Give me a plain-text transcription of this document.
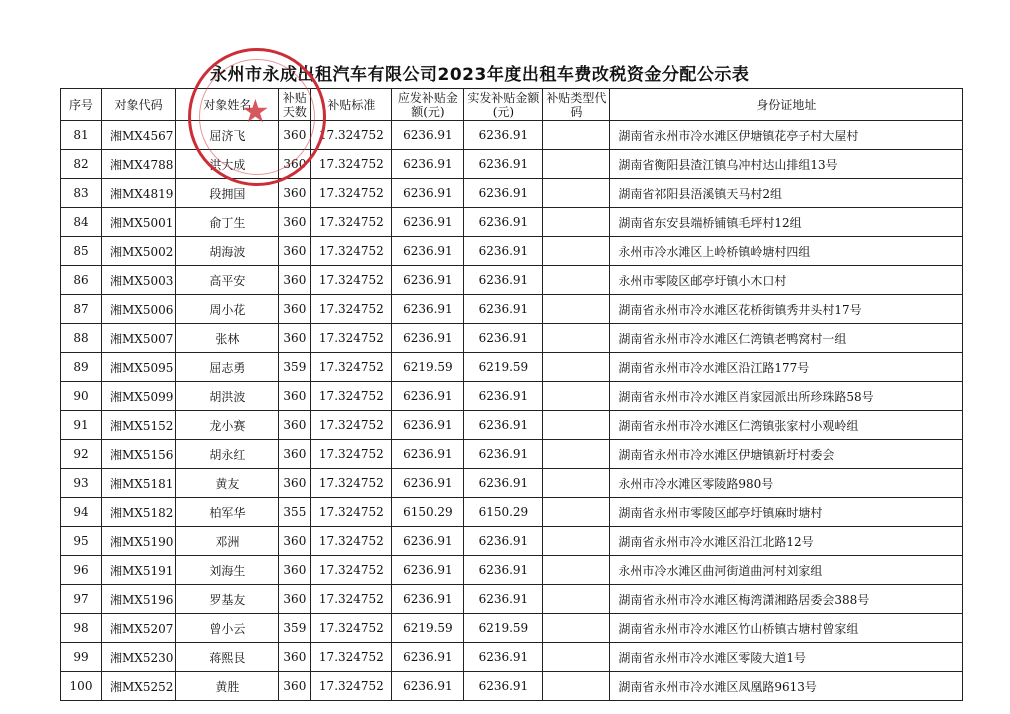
永州市永成出租汽车有限公司2023年度出租车费改税资金分配公示表
序号	对象代码	对象姓名	补贴天数	补贴标准	应发补贴金额(元)	实发补贴金额(元)	补贴类型代码	身份证地址
81	湘MX4567	屈济飞	360	17.324752	6236.91	6236.91		湖南省永州市冷水滩区伊塘镇花亭子村大屋村
82	湘MX4788	洪大成	360	17.324752	6236.91	6236.91		湖南省衡阳县渣江镇乌冲村达山排组13号
83	湘MX4819	段拥国	360	17.324752	6236.91	6236.91		湖南省祁阳县浯溪镇天马村2组
84	湘MX5001	俞丁生	360	17.324752	6236.91	6236.91		湖南省东安县端桥铺镇毛坪村12组
85	湘MX5002	胡海波	360	17.324752	6236.91	6236.91		永州市冷水滩区上岭桥镇岭塘村四组
86	湘MX5003	高平安	360	17.324752	6236.91	6236.91		永州市零陵区邮亭圩镇小木口村
87	湘MX5006	周小花	360	17.324752	6236.91	6236.91		湖南省永州市冷水滩区花桥街镇秀井头村17号
88	湘MX5007	张林	360	17.324752	6236.91	6236.91		湖南省永州市冷水滩区仁湾镇老鸭窝村一组
89	湘MX5095	屈志勇	359	17.324752	6219.59	6219.59		湖南省永州市冷水滩区沿江路177号
90	湘MX5099	胡洪波	360	17.324752	6236.91	6236.91		湖南省永州市冷水滩区肖家园派出所珍珠路58号
91	湘MX5152	龙小赛	360	17.324752	6236.91	6236.91		湖南省永州市冷水滩区仁湾镇张家村小观岭组
92	湘MX5156	胡永红	360	17.324752	6236.91	6236.91		湖南省永州市冷水滩区伊塘镇新圩村委会
93	湘MX5181	黄友	360	17.324752	6236.91	6236.91		永州市冷水滩区零陵路980号
94	湘MX5182	柏军华	355	17.324752	6150.29	6150.29		湖南省永州市零陵区邮亭圩镇麻时塘村
95	湘MX5190	邓洲	360	17.324752	6236.91	6236.91		湖南省永州市冷水滩区沿江北路12号
96	湘MX5191	刘海生	360	17.324752	6236.91	6236.91		永州市冷水滩区曲河街道曲河村刘家组
97	湘MX5196	罗基友	360	17.324752	6236.91	6236.91		湖南省永州市冷水滩区梅湾潇湘路居委会388号
98	湘MX5207	曾小云	359	17.324752	6219.59	6219.59		湖南省永州市冷水滩区竹山桥镇古塘村曾家组
99	湘MX5230	蒋熙艮	360	17.324752	6236.91	6236.91		湖南省永州市冷水滩区零陵大道1号
100	湘MX5252	黄胜	360	17.324752	6236.91	6236.91		湖南省永州市冷水滩区凤凰路9613号
★
